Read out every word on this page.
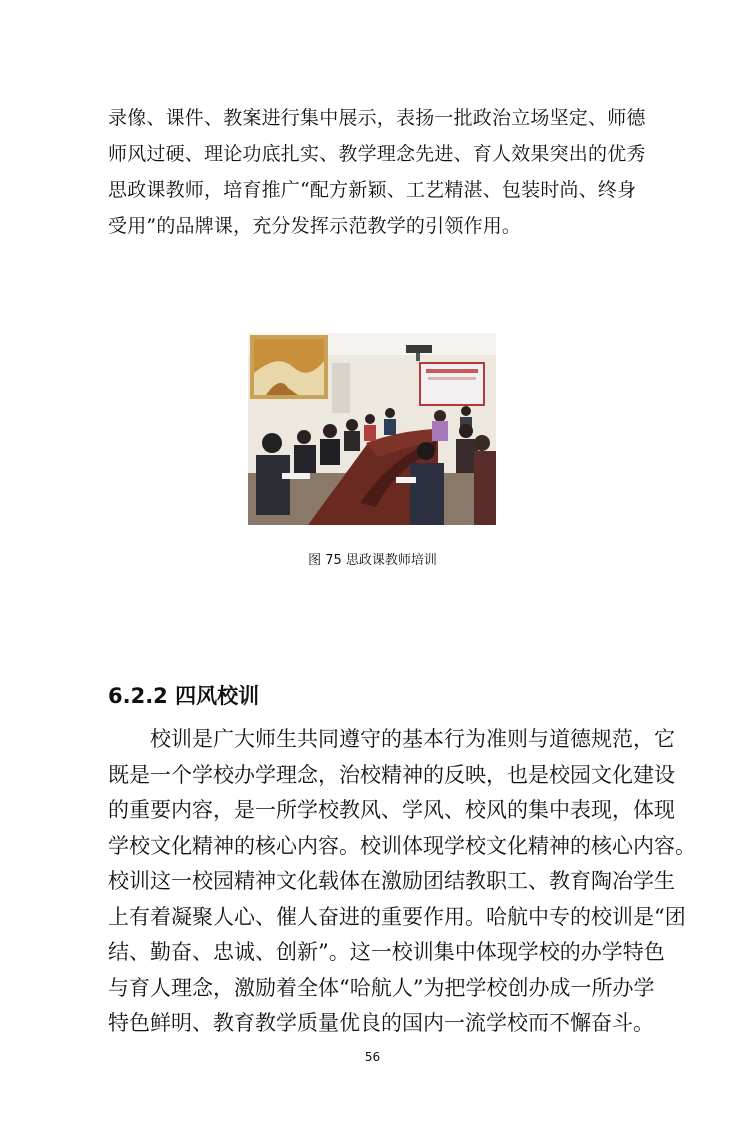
录像、课件、教案进行集中展示，表扬一批政治立场坚定、师德
师风过硬、理论功底扎实、教学理念先进、育人效果突出的优秀
思政课教师，培育推广“配方新颖、工艺精湛、包装时尚、终身
受用”的品牌课，充分发挥示范教学的引领作用。
图 75 思政课教师培训
6.2.2 四风校训
　　校训是广大师生共同遵守的基本行为准则与道德规范，它
既是一个学校办学理念，治校精神的反映，也是校园文化建设
的重要内容，是一所学校教风、学风、校风的集中表现，体现
学校文化精神的核心内容。校训体现学校文化精神的核心内容。
校训这一校园精神文化载体在激励团结教职工、教育陶冶学生
上有着凝聚人心、催人奋进的重要作用。哈航中专的校训是“团
结、勤奋、忠诚、创新”。这一校训集中体现学校的办学特色
与育人理念，激励着全体“哈航人”为把学校创办成一所办学
特色鲜明、教育教学质量优良的国内一流学校而不懈奋斗。
56
